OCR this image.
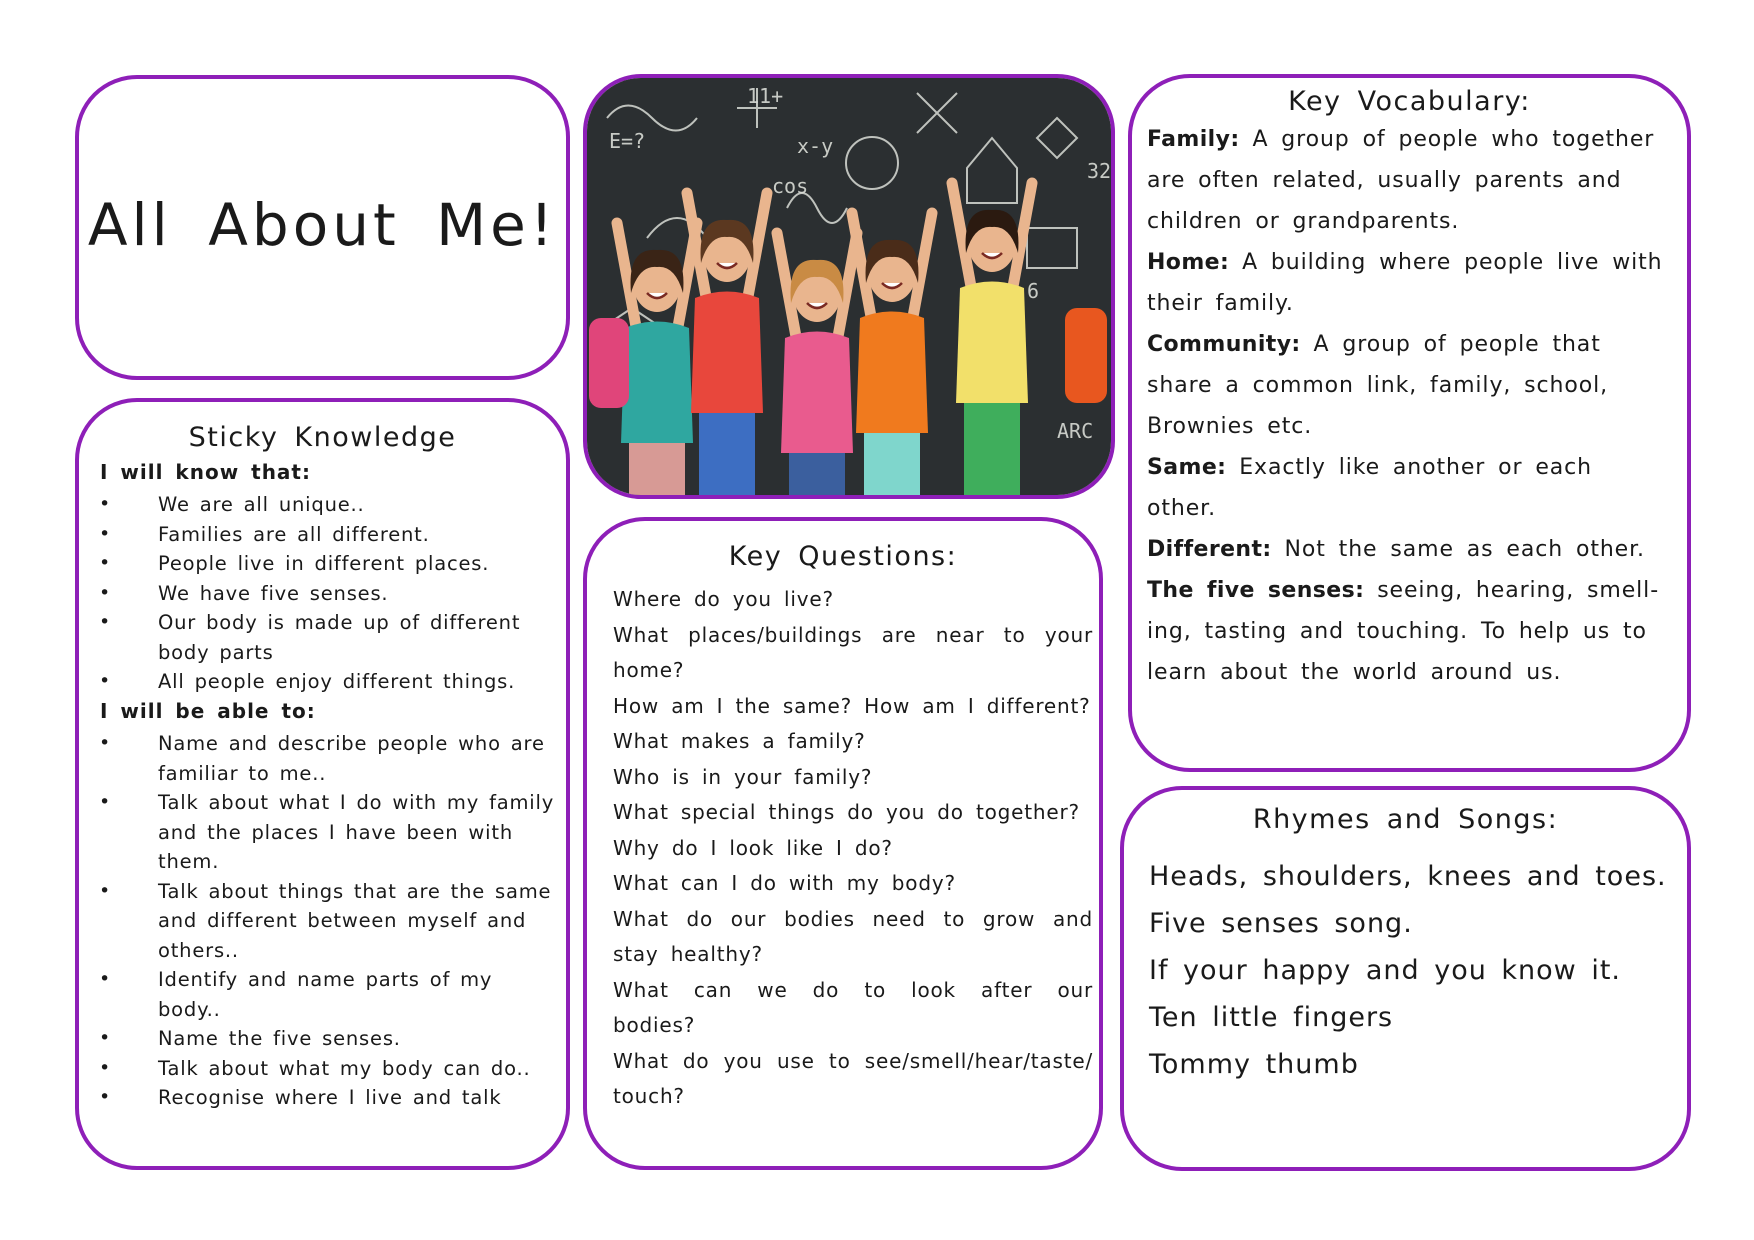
All About Me!
E=?	x-y
cos
11+
ARC
32
6
Key Vocabulary:
Family: A group of people who together are often related, usually parents and children or grandparents.
Home: A building where people live with their family.
Community: A group of people that share a common link, family, school, Brownies etc.
Same: Exactly like another or each other.
Different: Not the same as each other.
The five senses: seeing, hearing, smell-ing, tasting and touching. To help us to learn about the world around us.
Sticky Knowledge
I will know that:
• We are all unique..
• Families are all different.
• People live in different places.
• We have five senses.
• Our body is made up of different body parts
• All people enjoy different things.
I will be able to:
• Name and describe people who are familiar to me..
• Talk about what I do with my family and the places I have been with them.
• Talk about things that are the same and different between myself and others..
• Identify and name parts of my body..
• Name the five senses.
• Talk about what my body can do..
• Recognise where I live and talk
Key Questions:
Where do you live?
What places/buildings are near to your home?
How am I the same? How am I different?
What makes a family?
Who is in your family?
What special things do you do together?
Why do I look like I do?
What can I do with my body?
What do our bodies need to grow and stay healthy?
What can we do to look after our bodies?
What do you use to see/smell/hear/taste/ touch?
Rhymes and Songs:
Heads, shoulders, knees and toes.
Five senses song.
If your happy and you know it.
Ten little fingers
Tommy thumb
